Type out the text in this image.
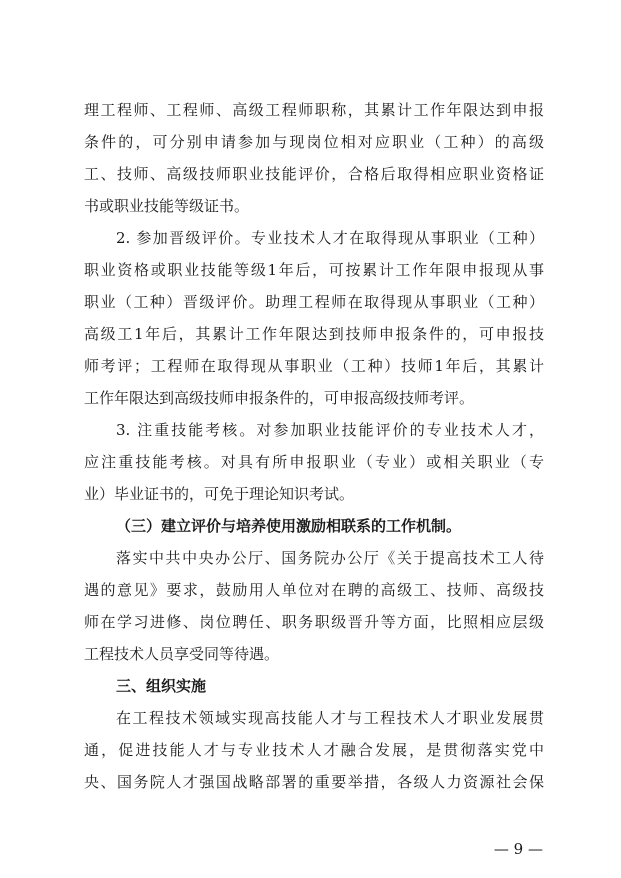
理工程师、工程师、高级工程师职称，其累计工作年限达到申报
条件的，可分别申请参加与现岗位相对应职业（工种）的高级
工、技师、高级技师职业技能评价，合格后取得相应职业资格证
书或职业技能等级证书。
2. 参加晋级评价。专业技术人才在取得现从事职业（工种）
职业资格或职业技能等级1年后，可按累计工作年限申报现从事
职业（工种）晋级评价。助理工程师在取得现从事职业（工种）
高级工1年后，其累计工作年限达到技师申报条件的，可申报技
师考评；工程师在取得现从事职业（工种）技师1年后，其累计
工作年限达到高级技师申报条件的，可申报高级技师考评。
3. 注重技能考核。对参加职业技能评价的专业技术人才，
应注重技能考核。对具有所申报职业（专业）或相关职业（专
业）毕业证书的，可免于理论知识考试。
（三）建立评价与培养使用激励相联系的工作机制。
落实中共中央办公厅、国务院办公厅《关于提高技术工人待
遇的意见》要求，鼓励用人单位对在聘的高级工、技师、高级技
师在学习进修、岗位聘任、职务职级晋升等方面，比照相应层级
工程技术人员享受同等待遇。
三、组织实施
在工程技术领域实现高技能人才与工程技术人才职业发展贯
通，促进技能人才与专业技术人才融合发展，是贯彻落实党中
央、国务院人才强国战略部署的重要举措，各级人力资源社会保
— 9 —
